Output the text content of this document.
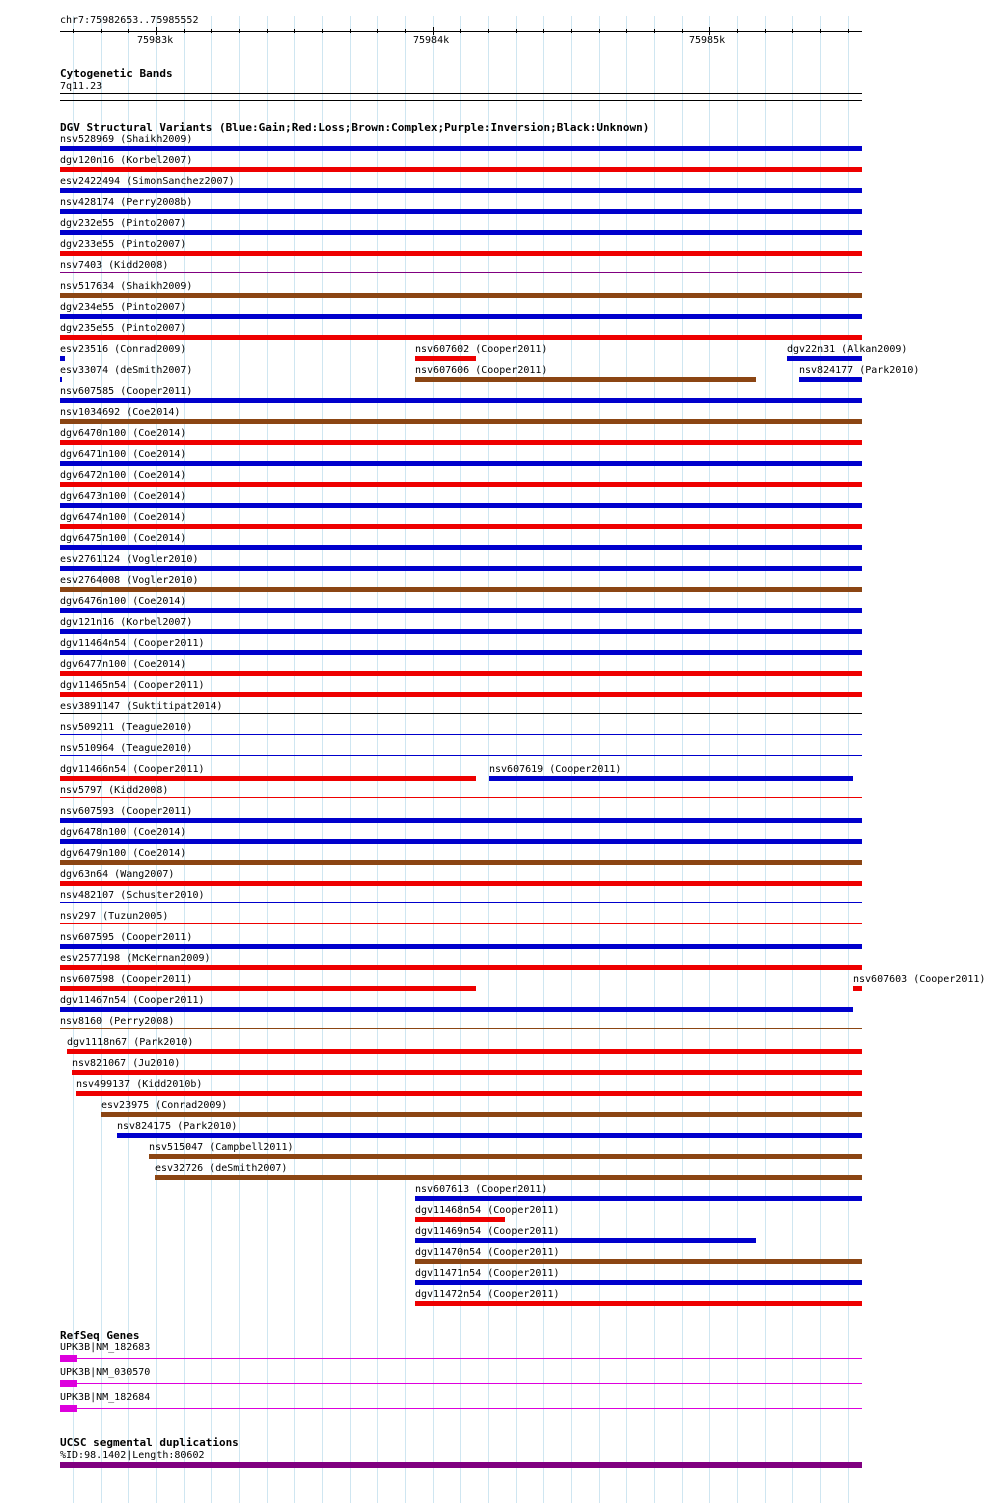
chr7:75982653..75985552
75983k	75984k	75985k
Cytogenetic Bands
7q11.23
DGV Structural Variants (Blue:Gain;Red:Loss;Brown:Complex;Purple:Inversion;Black:Unknown)
nsv528969 (Shaikh2009)
dgv120n16 (Korbel2007)
esv2422494 (SimonSanchez2007)
nsv428174 (Perry2008b)
dgv232e55 (Pinto2007)
dgv233e55 (Pinto2007)
nsv7403 (Kidd2008)
nsv517634 (Shaikh2009)
dgv234e55 (Pinto2007)
dgv235e55 (Pinto2007)
esv23516 (Conrad2009)	nsv607602 (Cooper2011)	dgv22n31 (Alkan2009)
esv33074 (deSmith2007)	nsv607606 (Cooper2011)	nsv824177 (Park2010)
nsv607585 (Cooper2011)
nsv1034692 (Coe2014)
dgv6470n100 (Coe2014)
dgv6471n100 (Coe2014)
dgv6472n100 (Coe2014)
dgv6473n100 (Coe2014)
dgv6474n100 (Coe2014)
dgv6475n100 (Coe2014)
esv2761124 (Vogler2010)
esv2764008 (Vogler2010)
dgv6476n100 (Coe2014)
dgv121n16 (Korbel2007)
dgv11464n54 (Cooper2011)
dgv6477n100 (Coe2014)
dgv11465n54 (Cooper2011)
esv3891147 (Suktitipat2014)
nsv509211 (Teague2010)
nsv510964 (Teague2010)
dgv11466n54 (Cooper2011)	nsv607619 (Cooper2011)
nsv5797 (Kidd2008)
nsv607593 (Cooper2011)
dgv6478n100 (Coe2014)
dgv6479n100 (Coe2014)
dgv63n64 (Wang2007)
nsv482107 (Schuster2010)
nsv297 (Tuzun2005)
nsv607595 (Cooper2011)
esv2577198 (McKernan2009)
nsv607598 (Cooper2011)	nsv607603 (Cooper2011)
dgv11467n54 (Cooper2011)
nsv8160 (Perry2008)
dgv1118n67 (Park2010)
nsv821067 (Ju2010)
nsv499137 (Kidd2010b)
esv23975 (Conrad2009)
nsv824175 (Park2010)
nsv515047 (Campbell2011)
esv32726 (deSmith2007)
nsv607613 (Cooper2011)
dgv11468n54 (Cooper2011)
dgv11469n54 (Cooper2011)
dgv11470n54 (Cooper2011)
dgv11471n54 (Cooper2011)
dgv11472n54 (Cooper2011)
RefSeq Genes
UPK3B|NM_182683
UPK3B|NM_030570
UPK3B|NM_182684
UCSC segmental duplications
%ID:98.1402|Length:80602
